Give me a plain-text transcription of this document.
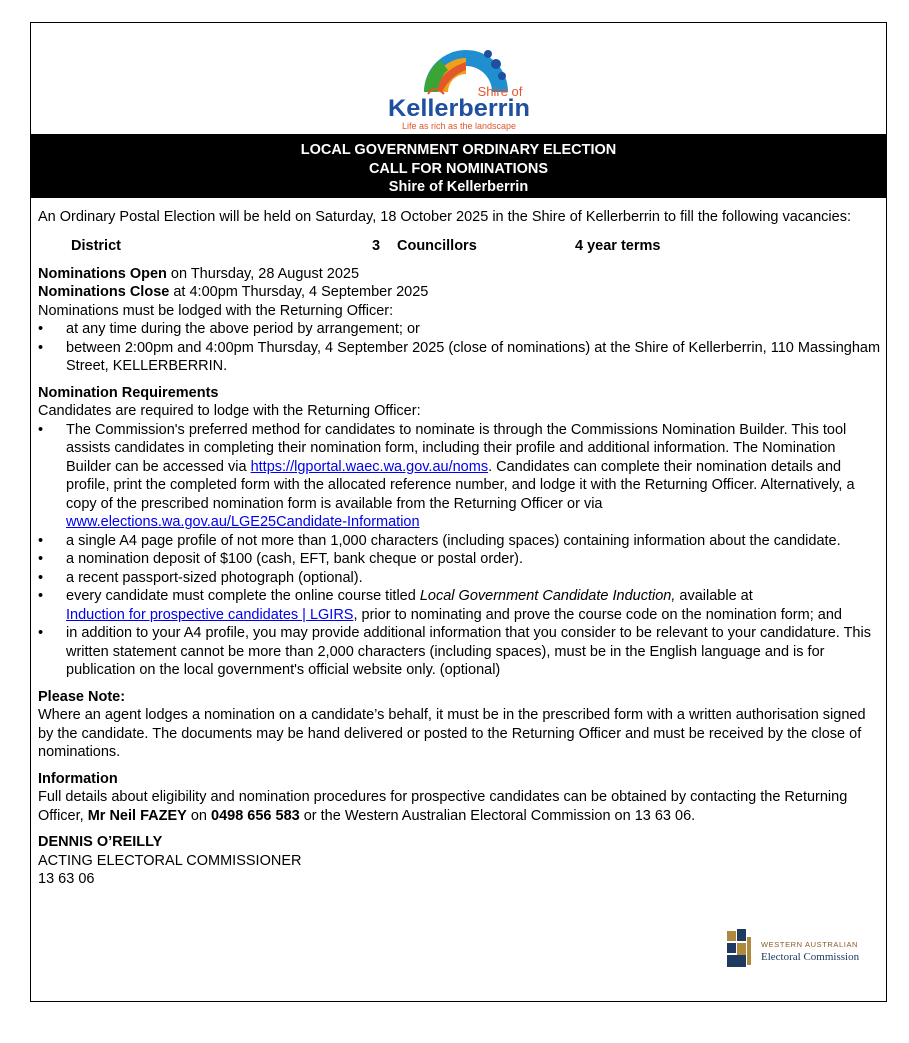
Shire of
Kellerberrin
Life as rich as the landscape
LOCAL GOVERNMENT ORDINARY ELECTION
CALL FOR NOMINATIONS
Shire of Kellerberrin

An Ordinary Postal Election will be held on Saturday, 18 October 2025 in the Shire of Kellerberrin to fill the following vacancies:

District	3 Councillors	4 year terms

Nominations Open on Thursday, 28 August 2025

Nominations Close at 4:00pm Thursday, 4 September 2025

Nominations must be lodged with the Returning Officer:

• at any time during the above period by arrangement; or
• between 2:00pm and 4:00pm Thursday, 4 September 2025 (close of nominations) at the Shire of Kellerberrin, 110 Massingham Street, KELLERBERRIN.

Nomination Requirements

Candidates are required to lodge with the Returning Officer:

• The Commission's preferred method for candidates to nominate is through the Commissions Nomination Builder. This tool assists candidates in completing their nomination form, including their profile and additional information. The Nomination Builder can be accessed via https://lgportal.waec.wa.gov.au/noms. Candidates can complete their nomination details and profile, print the completed form with the allocated reference number, and lodge it with the Returning Officer. Alternatively, a copy of the prescribed nomination form is available from the Returning Officer or via www.elections.wa.gov.au/LGE25Candidate-Information
• a single A4 page profile of not more than 1,000 characters (including spaces) containing information about the candidate.
• a nomination deposit of $100 (cash, EFT, bank cheque or postal order).
• a recent passport-sized photograph (optional).
• every candidate must complete the online course titled Local Government Candidate Induction, available at
Induction for prospective candidates | LGIRS, prior to nominating and prove the course code on the nomination form; and
• in addition to your A4 profile, you may provide additional information that you consider to be relevant to your candidature. This written statement cannot be more than 2,000 characters (including spaces), must be in the English language and is for publication on the local government's official website only. (optional)

Please Note:

Where an agent lodges a nomination on a candidate’s behalf, it must be in the prescribed form with a written authorisation signed by the candidate. The documents may be hand delivered or posted to the Returning Officer and must be received by the close of nominations.

Information

Full details about eligibility and nomination procedures for prospective candidates can be obtained by contacting the Returning Officer, Mr Neil FAZEY on 0498 656 583 or the Western Australian Electoral Commission on 13 63 06.

DENNIS O’REILLY

ACTING ELECTORAL COMMISSIONER

13 63 06

WESTERN AUSTRALIAN
Electoral Commission
